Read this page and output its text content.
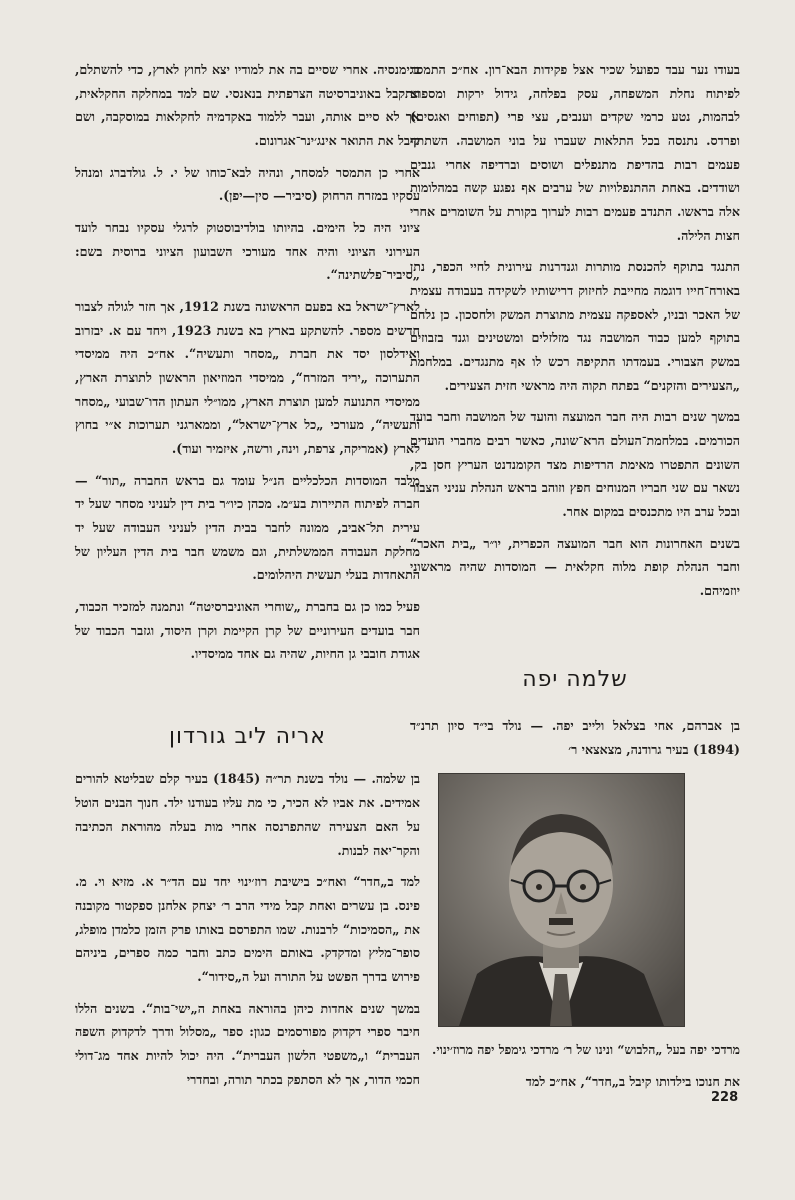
בעודו נער עבד כפועל שכיר אצל פקידות הבא־רון. אח״כ התמסר לפיתוח נחלת המשפחה, עסק בפלחה, גידול ירקות ומספוא לבהמות, נטע כרמי שקדים וענבים, עצי פרי (תפוחים ואגסים) ופרדס. נתנסה בכל התלאות שעברו על בוני המושבה. השתתף פעמים רבות בהדיפת מתנפלים ושוסים וברדיפה אחרי גנבים ושודדים. באחת ההתנפלויות של ערבים אף נפגע קשה במהלומות אלה בראשו. התנדב פעמים רבות לערוך בקורת על השומרים אחרי חצות הלילה.

התנגד בתוקף להכנסת מותרות וגנדרנות עירונית לחיי הכפר, נתן באורח־חייו דוגמה מחייבת לחיזוק דרישותיו לשקידה בעבודה עצמית של האכר ובניו, לאספקה עצמית מתוצרת המשק ולחסכון. כן נלחם בתוקף למען כבוד המושבה נגד מזלזלים ומשטינים וגנד בזבוזים במשק הצבורי. בעמדתו התקיפה רכש לו אף מתנגדים. במלחמת „הצעירים והזקנים“ בפתח תקוה היה מראשי חזית הצעירים.

במשך שנים רבות היה חבר המועצה והועד של המושבה וחבר בועד הכורמים. במלחמת־העולם הרא־שונה, כאשר רבים מחברי הועדים השונים התפטרו מאימת הרדיפות מצד הקומנדנט העריץ חסן בק, נשאר עם שני חבריו המנוחים חפץ וזוהב בראש הנהלת עניני הצבור ובכל ערב היו מתכנסים במקום אחר.

בשנים האחרונות הוא חבר המועצה הכפרית, יו״ר „בית האכר“ וחבר הנהלת קופת מלוה חקלאית — המוסדות שהיה מראשוני יוזמיהם.

שלמה יפה

בן אברהם, אחי בצלאל ולייב יפה. — נולד בי״ד סיון תרנ״ד (1894) בעיר גרודנה, מצאצאי ר׳

מרדכי יפה בעל „הלבוש“ ונינו של ר׳ מרדכי גימפל יפה מרוז׳ינוי.

את חנוכו בילדותו קיבל ב„חדר“, אח״כ למד

בגימנסיה. אחרי שסיים בה את למודיו יצא לחוץ לארץ, כדי להשתלם, ונתקבל באוניברסיטה הצרפתית בנאנסי. שם למד במחלקה החקלאית, אך לא סיים אותה, ועבר ללמוד באקדמיה לחקלאות במוסקבה, ושם קיבל את התואר אינג׳ינר־אגרונום.

אחרי כן התמסר למסחר, ונהיה לבא־כוחו של י. ל. גולדברג ומנהל עסקיו במזרח הרחוק (סיביר— סין—יפן).

ציוני היה כל הימים. בהיותו בולדיבוסטוק לרגלי עסקיו נבחר לועד העירוני הציוני והיה אחד מעורכי השבועון הציוני ברוסית בשם: „סיביר־פלשתינה“.

לארץ־ישראל בא בפעם הראשונה בשנת 1912, אך חזר לגולה לצבור חדשים מספר. להשתקע בארץ בא בשנת 1923, ויחד עם א. יבזרוב ואידלסון יסד את חברת „מסחר ותעשיה“. אח״כ היה ממיסדי התערוכה „יריד המזרח“, ממיסדי המוזיאון הראשון לתוצרת הארץ, ממיסדי התנועה למען תוצרת הארץ, ממו״לי העתון הדו־שבועי „מסחר ותעשיה“, מעורכי „כל ארץ־ישראל“, וממארגני תערוכות א״י בחוץ לארץ (אמריקה, צרפת, וינה, ורשה, איזמיר ועוד).

מלבד המוסדות הכלכליים הנ״ל עומד גם בראש החברה „תור“ — חברה לפיתוח התיירות בע״מ. מכהן כיו״ר בית דין לעניני מסחר שעל יד עירית תל־אביב, ממונה לחבר בבית הדין לעניני העבודה שעל יד מחלקת העבודה הממשלתית, וגם משמש חבר בית הדין העליון של התאחדות בעלי תעשית היהלומים.

פעיל כמו כן גם בחברת „שוחרי האוניברסיטה“ ונתמנה למזכיר הכבוד, חבר בועדים העירוניים של קרן הקיימת וקרן היסוד, וגזבר הכבוד של אגודת חובבי גן החיות, שהיה גם אחד ממיסדיו.

אריה ליב גורדון

בן שלמה. — נולד בשנת תר״ה (1845) בעיר קלם שבליטא להורים אמידים. את אביו לא הכיר, כי מת עליו בעודנו ילד. חנוך הבנים הוטל על האם הצעירה שהתפרנסה אחרי מות בעלה מהוראת הכתיבה והקר־יאה לבנות.

למד ב„חדר“ ואח״כ בישיבת רוז׳ינוי יחד עם הד״ר א. מזיא וי. מ. פינס. בן עשרים ואחת קבל מידי הרב ר׳ יצחק אלחנן ספקטור מקובנה את „הסמיכות“ לרבנות. שמו התפרסם באותו פרק הזמן כלמדן מופלג, סופר־מליץ ומדקדק. באותם הימים כתב וחבר כמה ספרים, ביניהם פירוש בדרך הפשט על התורה ועל ה„סידור“.

במשך שנים אחדות כיהן בהוראה באחת ה„ישי־בות“. בשנים הללו חיבר ספרי דקדוק מפורסמים כגון: ספר „מסלול ודרך לדקדוק השפה העברית“ ו„משפטי הלשון העברית“. היה יכול להיות אחד מג־דולי חכמי הדור, אך לא הסתפק בכתר תורה, ובחדרי

228
